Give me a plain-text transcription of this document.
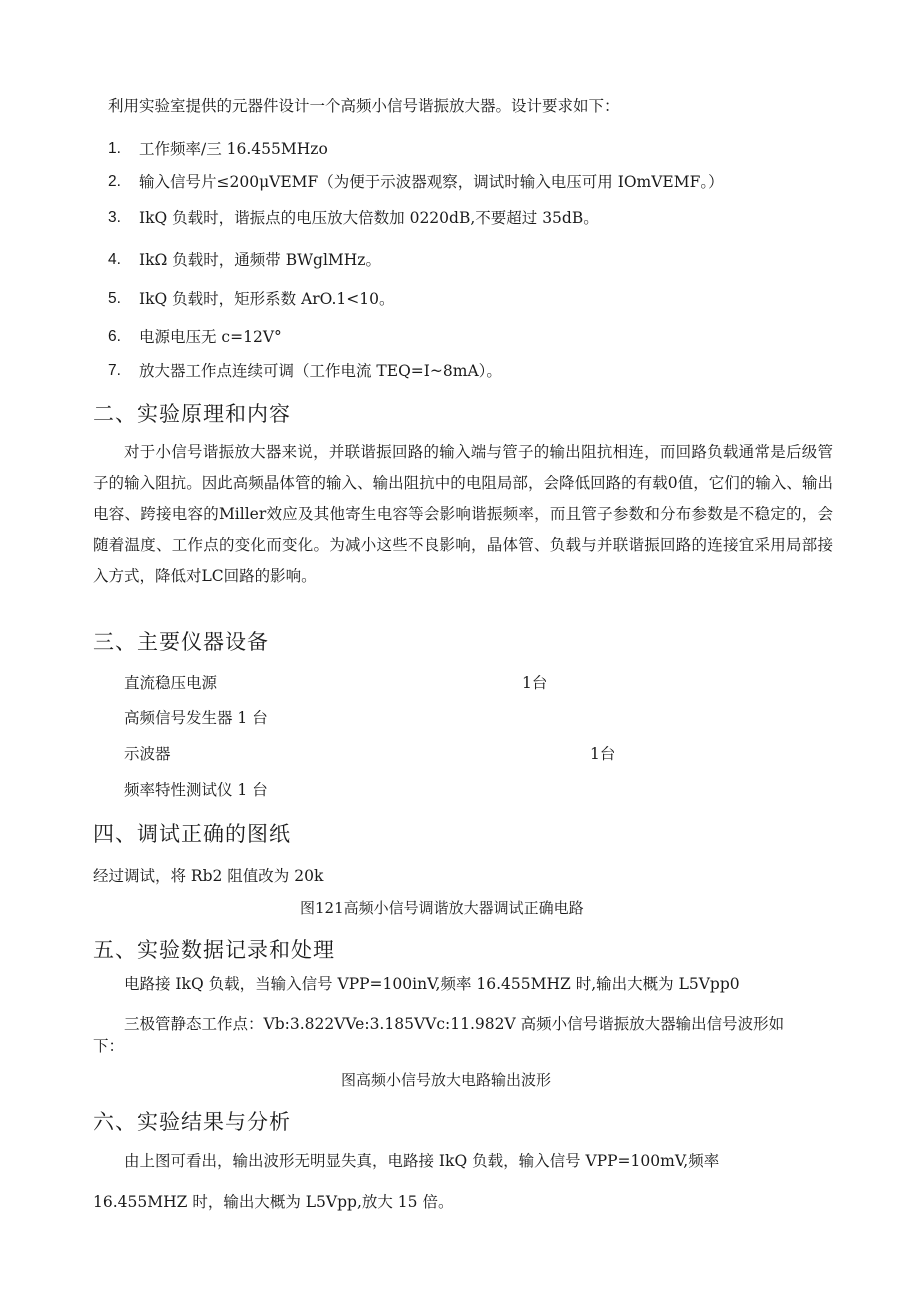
利用实验室提供的元器件设计一个高频小信号谐振放大器。设计要求如下：
1. 工作频率∕三 16.455MHzo
2. 输入信号片≤200μVEMF（为便于示波器观察，调试时输入电压可用 IOmVEMF。）
3. IkQ 负载时，谐振点的电压放大倍数加 0220dB,不要超过 35dB。
4. IkΩ 负载时，通频带 BWglMHz。
5. IkQ 负载时，矩形系数 ArO.1<10。
6. 电源电压无 c=12V°
7. 放大器工作点连续可调（工作电流 TEQ=I~8mA）。
二、实验原理和内容
对于小信号谐振放大器来说，并联谐振回路的输入端与管子的输出阻抗相连，而回路负载通常是后级管子的输入阻抗。因此高频晶体管的输入、输出阻抗中的电阻局部，会降低回路的有载0值，它们的输入、输出电容、跨接电容的Miller效应及其他寄生电容等会影响谐振频率，而且管子参数和分布参数是不稳定的，会随着温度、工作点的变化而变化。为减小这些不良影响，晶体管、负载与并联谐振回路的连接宜采用局部接入方式，降低对LC回路的影响。
三、主要仪器设备
直流稳压电源	1台
高频信号发生器 1 台
示波器	1台
频率特性测试仪 1 台
四、调试正确的图纸
经过调试，将 Rb2 阻值改为 20k
图121高频小信号调谐放大器调试正确电路
五、实验数据记录和处理
电路接 IkQ 负载，当输入信号 VPP=100inV,频率 16.455MHZ 时,输出大概为 L5Vpp0
三极管静态工作点：Vb:3.822VVe:3.185VVc:11.982V 高频小信号谐振放大器输出信号波形如
下：
图高频小信号放大电路输出波形
六、实验结果与分析
由上图可看出，输出波形无明显失真，电路接 IkQ 负载，输入信号 VPP=100mV,频率
16.455MHZ 时，输出大概为 L5Vpp,放大 15 倍。
